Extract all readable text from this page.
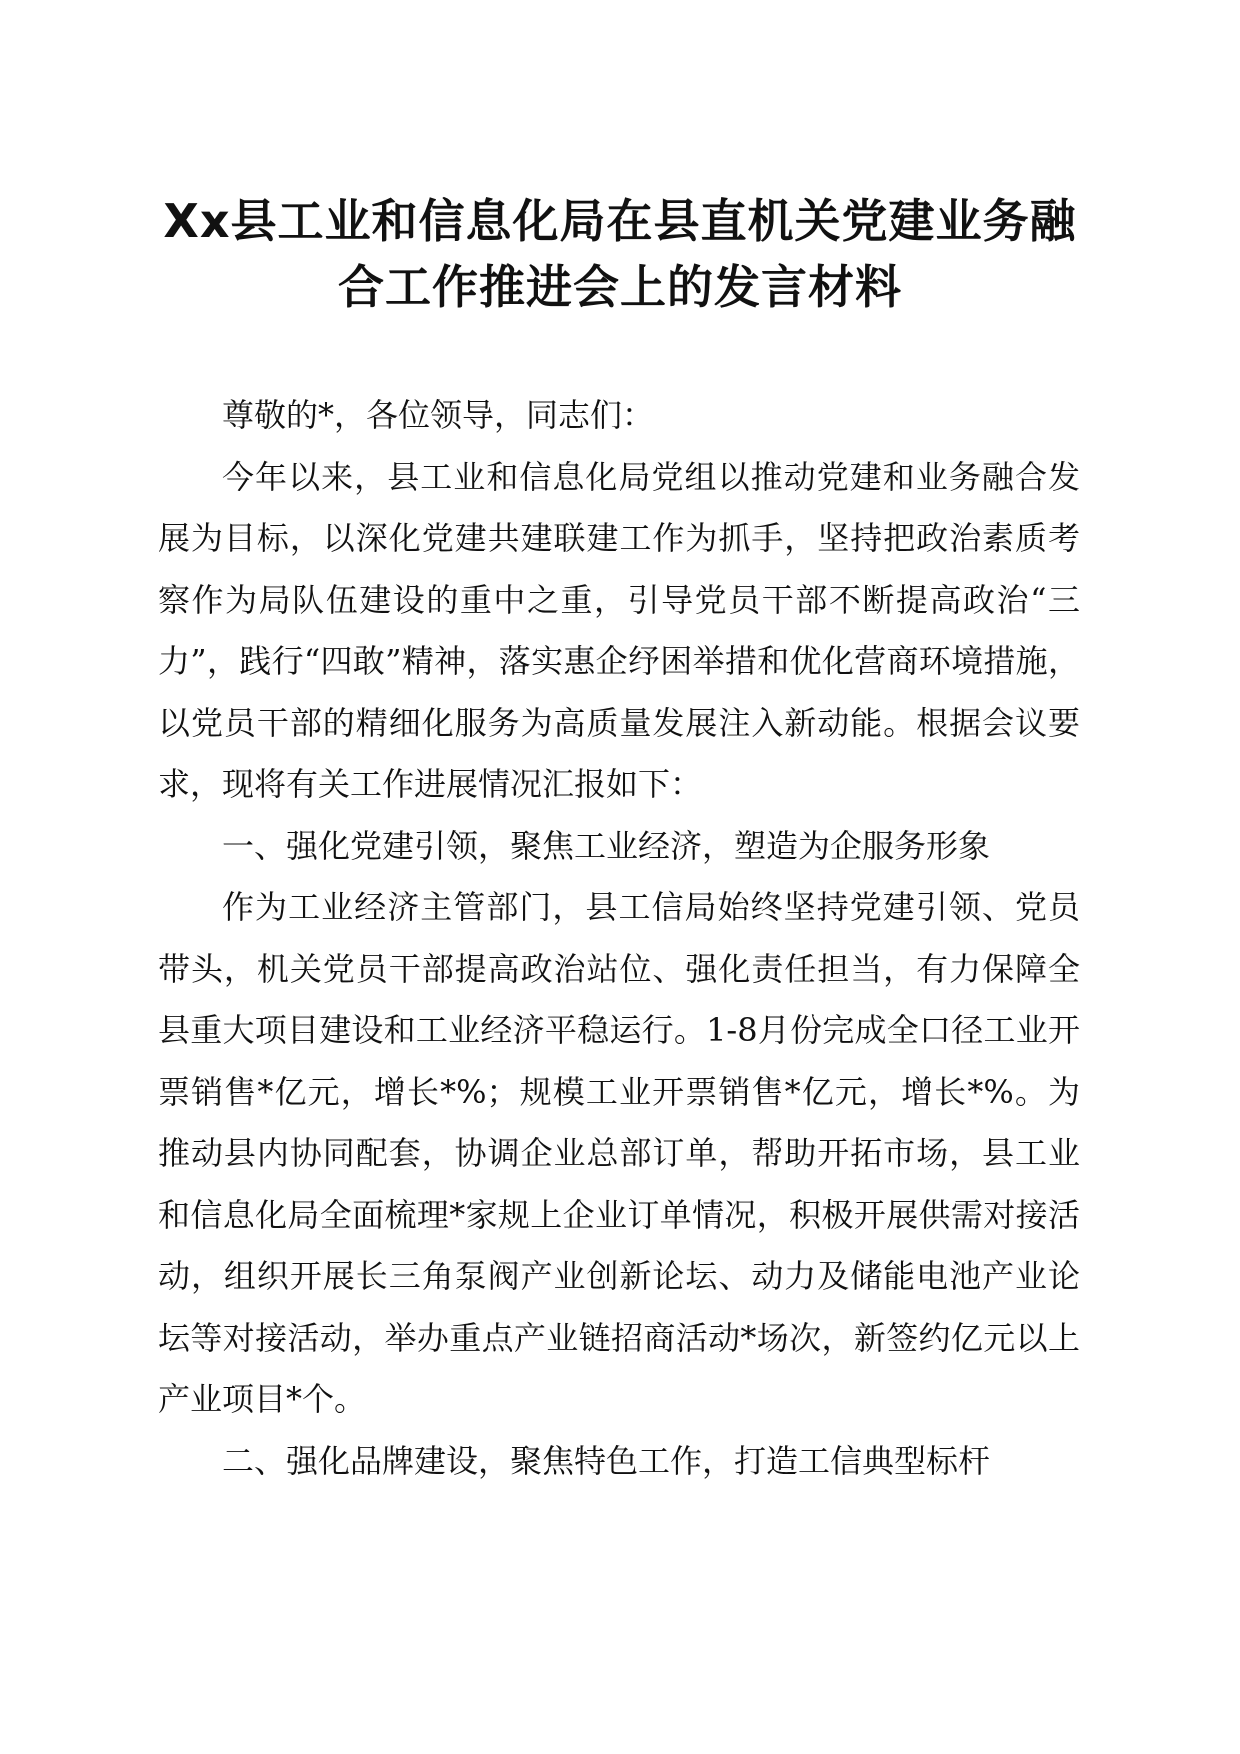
Xx县工业和信息化局在县直机关党建业务融
合工作推进会上的发言材料

尊敬的*，各位领导，同志们：

今年以来，县工业和信息化局党组以推动党建和业务融合发展为目标，以深化党建共建联建工作为抓手，坚持把政治素质考察作为局队伍建设的重中之重，引导党员干部不断提高政治“三力”，践行“四敢”精神，落实惠企纾困举措和优化营商环境措施，以党员干部的精细化服务为高质量发展注入新动能。根据会议要求，现将有关工作进展情况汇报如下：

一、强化党建引领，聚焦工业经济，塑造为企服务形象

作为工业经济主管部门，县工信局始终坚持党建引领、党员带头，机关党员干部提高政治站位、强化责任担当，有力保障全县重大项目建设和工业经济平稳运行。1-8月份完成全口径工业开票销售*亿元，增长*%；规模工业开票销售*亿元，增长*%。为推动县内协同配套，协调企业总部订单，帮助开拓市场，县工业和信息化局全面梳理*家规上企业订单情况，积极开展供需对接活动，组织开展长三角泵阀产业创新论坛、动力及储能电池产业论坛等对接活动，举办重点产业链招商活动*场次，新签约亿元以上产业项目*个。

二、强化品牌建设，聚焦特色工作，打造工信典型标杆
